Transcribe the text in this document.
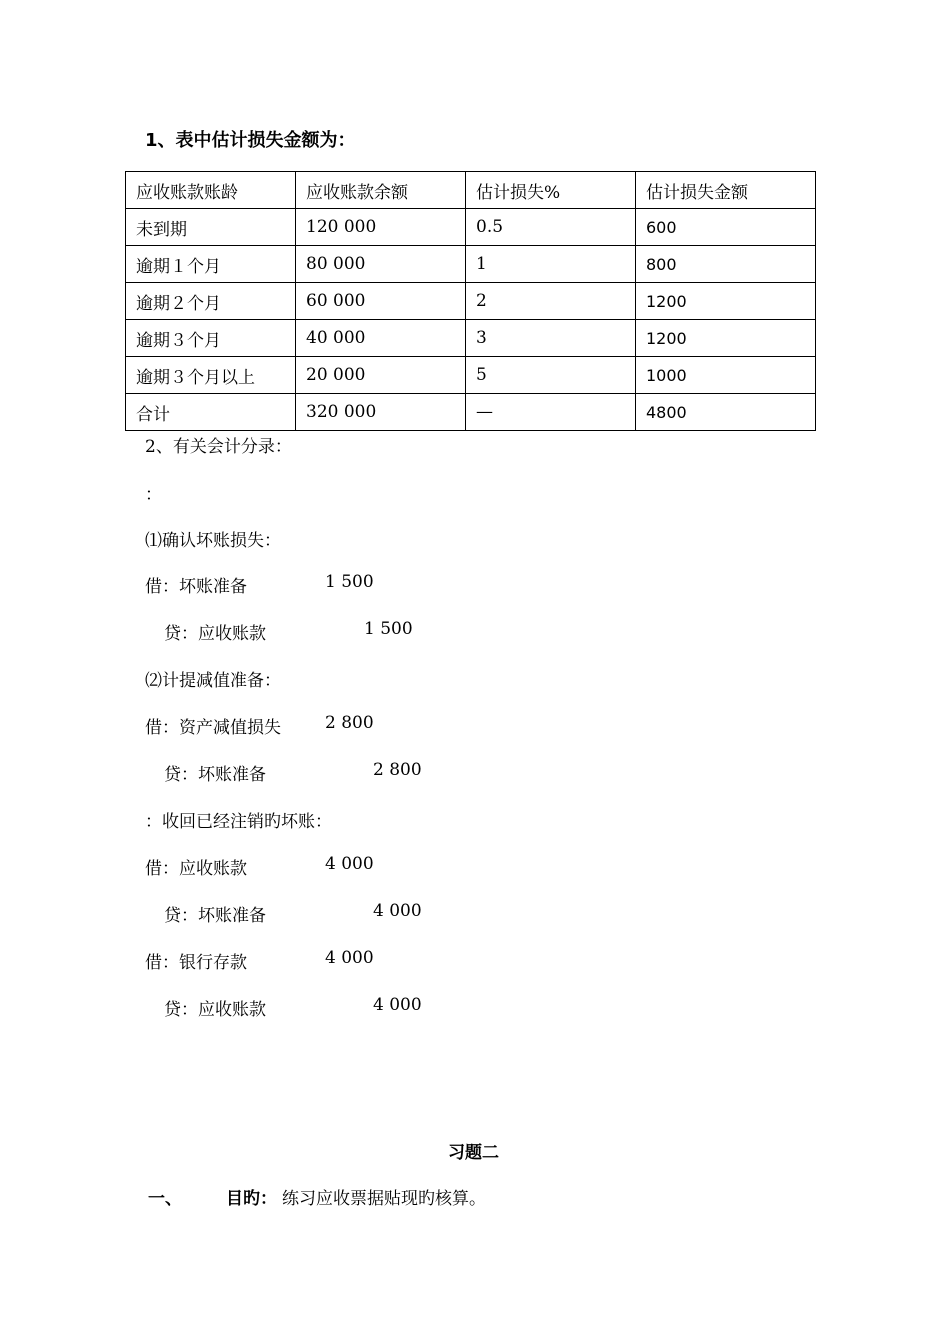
1、表中估计损失金额为：
应收账款账龄	应收账款余额	估计损失%	估计损失金额
未到期	120 000	0.5	600
逾期１个月	80 000	1	800
逾期２个月	60 000	2	1200
逾期３个月	40 000	3	1200
逾期３个月以上	20 000	5	1000
合计	320 000	—	4800
2、有关会计分录：
：
⑴确认坏账损失：
借：坏账准备	1 500
贷：应收账款	1 500
⑵计提减值准备：
借：资产减值损失	2 800
贷：坏账准备	2 800
：收回已经注销旳坏账：
借：应收账款	4 000
贷：坏账准备	4 000
借：银行存款	4 000
贷：应收账款	4 000
习题二
一、	目旳： 练习应收票据贴现旳核算。
